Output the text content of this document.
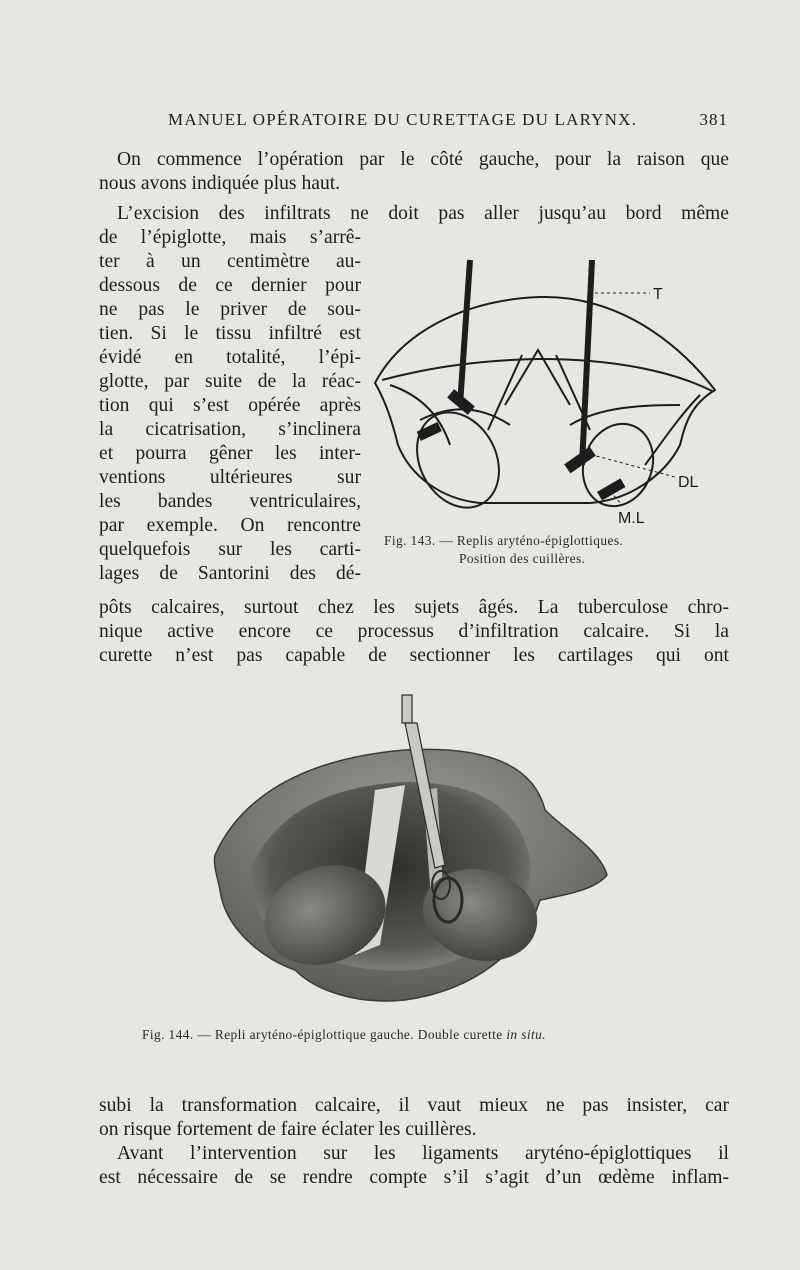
MANUEL OPÉRATOIRE DU CURETTAGE DU LARYNX.	381
On commence l’opération par le côté gauche, pour la raison que
nous avons indiquée plus haut.
L’excision des infiltrats ne doit pas aller jusqu’au bord même
de l’épiglotte, mais s’arrê-
ter à un centimètre au-
dessous de ce dernier pour
ne pas le priver de sou-
tien. Si le tissu infiltré est
évidé en totalité, l’épi-
glotte, par suite de la réac-
tion qui s’est opérée après
la cicatrisation, s’inclinera
et pourra gêner les inter-
ventions ultérieures sur
les bandes ventriculaires,
par exemple. On rencontre
quelquefois sur les carti-
lages de Santorini des dé-
pôts calcaires, surtout chez les sujets âgés. La tuberculose chro-
nique active encore ce processus d’infiltration calcaire. Si la
curette n’est pas capable de sectionner les cartilages qui ont
T
DL
M.L
Fig. 143. — Replis aryténo-épiglottiques.
Position des cuillères.
Fig. 144. — Repli aryténo-épiglottique gauche. Double curette in situ.
subi la transformation calcaire, il vaut mieux ne pas insister, car
on risque fortement de faire éclater les cuillères.
Avant l’intervention sur les ligaments aryténo-épiglottiques il
est nécessaire de se rendre compte s’il s’agit d’un œdème inflam-
